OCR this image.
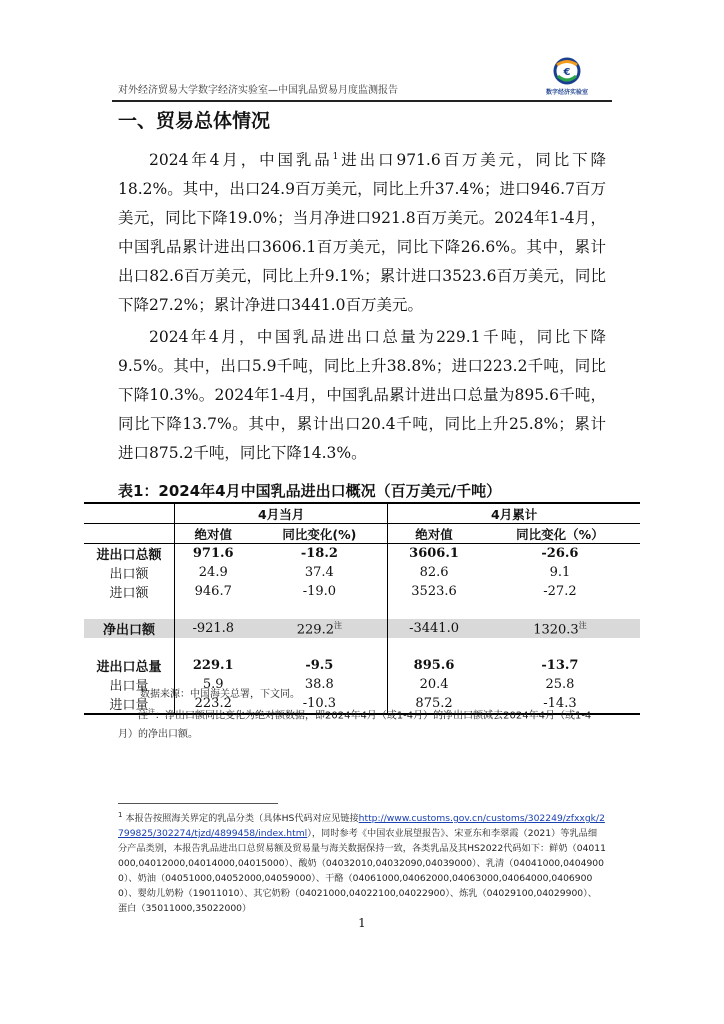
对外经济贸易大学数字经济实验室—中国乳品贸易月度监测报告
€
数字经济实验室
一、贸易总体情况

2024年4月，中国乳品$^1$进出口971.6百万美元，同比下降18.2%。其中，出口24.9百万美元，同比上升37.4%；进口946.7百万美元，同比下降19.0%；当月净进口921.8百万美元。2024年1-4月，中国乳品累计进出口3606.1百万美元，同比下降26.6%。其中，累计出口82.6百万美元，同比上升9.1%；累计进口3523.6百万美元，同比下降27.2%；累计净进口3441.0百万美元。

2024年4月，中国乳品进出口总量为229.1千吨，同比下降9.5%。其中，出口5.9千吨，同比上升38.8%；进口223.2千吨，同比下降10.3%。2024年1-4月，中国乳品累计进出口总量为895.6千吨，同比下降13.7%。其中，累计出口20.4千吨，同比上升25.8%；累计进口875.2千吨，同比下降14.3%。

表1：2024年4月中国乳品进出口概况（百万美元/千吨）
	4月当月		4月累计	
	绝对值	同比变化(%)	绝对值	同比变化（%）
进出口总额	971.6	-18.2	3606.1	-26.6
出口额	24.9	37.4	82.6	9.1
进口额	946.7	-19.0	3523.6	-27.2

净出口额	-921.8	$229.2^注$	-3441.0	$1320.3^注$

进出口总量	229.1	-9.5	895.6	-13.7
出口量	5.9	38.8	20.4	25.8
进口量	223.2	-10.3	875.2	-14.3
数据来源：中国海关总署，下文同。

注$^注$：净出口额同比变化为绝对额数据，即2024年4月（或1-4月）的净出口额减去2024年4月（或1-4月）的净出口额。

$^1$ 本报告按照海关界定的乳品分类（具体HS代码对应见链接http://www.customs.gov.cn/customs/302249/zfxxgk/2799825/302274/tjzd/4899458/index.html），同时参考《中国农业展望报告》、宋亚东和李翠霞（2021）等乳品细分产品类别，本报告乳品进出口总贸易额及贸易量与海关数据保持一致，各类乳品及其HS2022代码如下：鲜奶（04011000,04012000,04014000,04015000）、酸奶（04032010,04032090,04039000）、乳清（04041000,04049000）、奶油（04051000,04052000,04059000）、干酪（04061000,04062000,04063000,04064000,04069000）、婴幼儿奶粉（19011010）、其它奶粉（04021000,04022100,04022900）、炼乳（04029100,04029900）、蛋白（35011000,35022000）

1
